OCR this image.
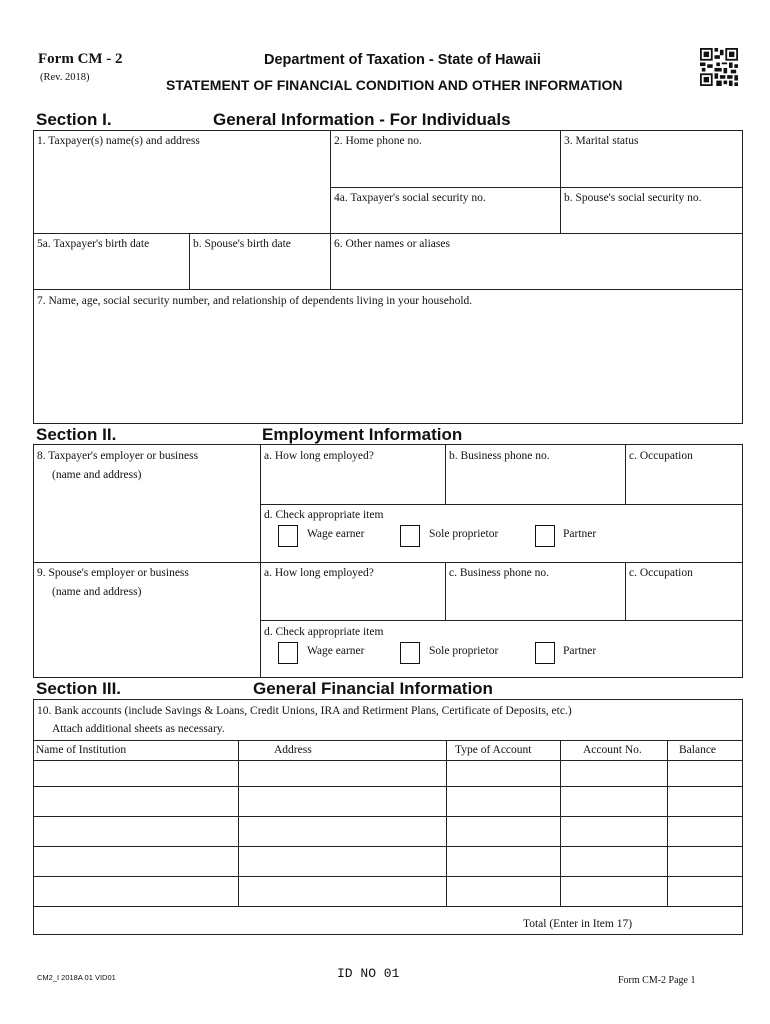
Form CM - 2
(Rev. 2018)
Department of Taxation - State of Hawaii
STATEMENT OF FINANCIAL CONDITION AND OTHER INFORMATION
Section I.	General Information - For Individuals
1. Taxpayer(s) name(s) and address	2. Home phone no.	3. Marital status
4a. Taxpayer's social security no.	b. Spouse's social security no.
5a. Taxpayer's birth date	b. Spouse's birth date	6. Other names or aliases
7. Name, age, social security number, and relationship of dependents living in your household.
Section II.	Employment Information
8. Taxpayer's employer or business
(name and address)
a. How long employed?	b. Business phone no.	c. Occupation
d. Check appropriate item
Wage earner	Sole proprietor	Partner
9. Spouse's employer or business
(name and address)
a. How long employed?	c. Business phone no.	c. Occupation
d. Check appropriate item
Wage earner	Sole proprietor	Partner
Section III.	General Financial Information
10. Bank accounts (include Savings & Loans, Credit Unions, IRA and Retirment Plans, Certificate of Deposits, etc.)
Attach additional sheets as necessary.
Name of Institution	Address	Type of Account	Account No.	Balance
Total (Enter in Item 17)
CM2_I 2018A 01 VID01	ID NO 01	Form CM-2 Page 1
